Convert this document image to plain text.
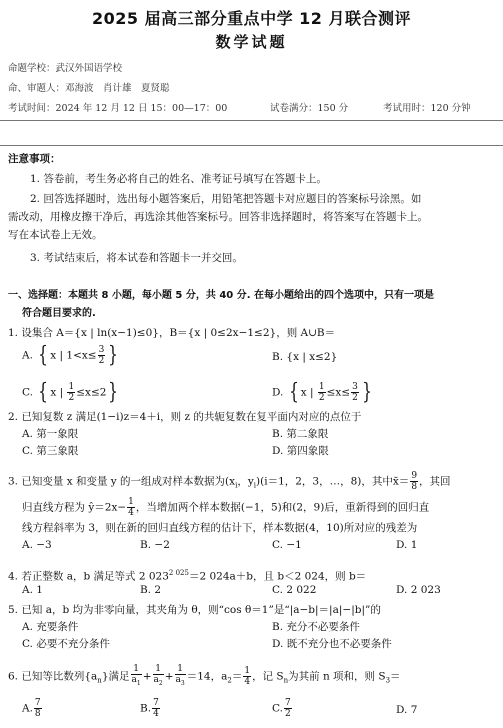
2025 届高三部分重点中学 12 月联合测评
数学试题
命题学校：武汉外国语学校
命、审题人：邓海波　肖计雄　夏贤聪
考试时间：2024 年 12 月 12 日 15：00—17：00	试卷满分：150 分	考试用时：120 分钟
注意事项：
1. 答卷前，考生务必将自己的姓名、准考证号填写在答题卡上。
2. 回答选择题时，选出每小题答案后，用铅笔把答题卡对应题目的答案标号涂黑。如
需改动，用橡皮擦干净后，再选涂其他答案标号。回答非选择题时，将答案写在答题卡上。
写在本试卷上无效。
3. 考试结束后，将本试卷和答题卡一并交回。
一、选择题：本题共 8 小题，每小题 5 分，共 40 分. 在每小题给出的四个选项中，只有一项是
符合题目要求的.
1. 设集合 A＝{x | ln(x−1)≤0}，B＝{x | 0≤2x−1≤2}，则 A∪B＝
A. { x | $1<x\le \frac{3}{2}$ }	B. {x | x≤2}
C. { x | $\frac{1}{2} \le x\le 2$}	D. { x | $\frac{1}{2} \le x\le \frac{3}{2}$ }
2. 已知复数 z 满足(1−i)z＝4＋i，则 z 的共轭复数在复平面内对应的点位于
A. 第一象限	B. 第二象限
C. 第三象限	D. 第四象限
3. 已知变量 x 和变量 y 的一组成对样本数据为($x_i$，$y_i)(i=1$，2，3，…，8)，其中x̄＝ $\frac{9}{8}$ ，其回
归直线方程为 ŷ＝2x− $\frac{1}{4}$ ，当增加两个样本数据(−1，5)和(2，9)后，重新得到的回归直
线方程斜率为 3，则在新的回归直线方程的估计下，样本数据(4，10)所对应的残差为
A. −3	B. −2	C. −1	D. 1
4. 若正整数 a，b 满足等式 2 $023^{2 025}=2$ 024a＋b，且 b＜2 024，则 b＝
A. 1	B. 2	C. 2 022	D. 2 023
5. 已知 a，b 均为非零向量，其夹角为 θ，则“cos θ＝1”是“|a−b|＝|a|−|b|”的
A. 充要条件	B. 充分不必要条件
C. 必要不充分条件	D. 既不充分也不必要条件
6. 已知等比数列$\{a_n\}$满足 $\frac{1}{a_1} + \frac{1}{a_2} + \frac{1}{a_3} =14$，$a_2= \frac{1}{4}$ ，记 $S_n$为其前 n 项和，则 $S_3=$
A. $\frac{7}{8}$	B. $\frac{7}{4}$	C. $\frac{7}{2}$	D. 7
